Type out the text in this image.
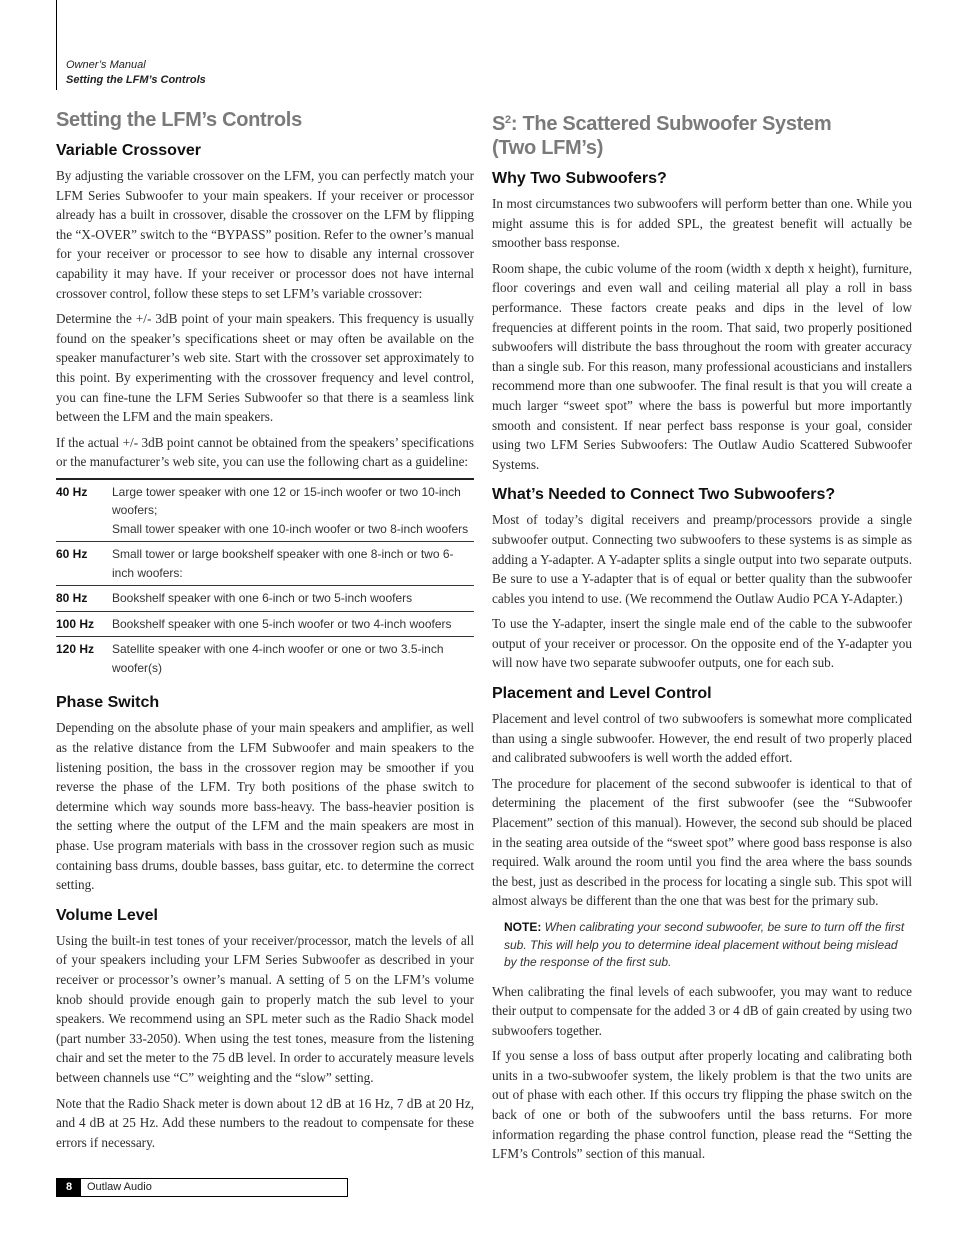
Owner’s Manual
Setting the LFM’s Controls
Setting the LFM’s Controls
Variable Crossover

By adjusting the variable crossover on the LFM, you can perfectly match your LFM Series Subwoofer to your main speakers. If your receiver or processor already has a built in crossover, disable the crossover on the LFM by flipping the “X-OVER” switch to the “BYPASS” position. Refer to the owner’s manual for your receiver or processor to see how to disable any internal crossover capability it may have. If your receiver or processor does not have internal crossover control, follow these steps to set LFM’s variable crossover:

Determine the +/- 3dB point of your main speakers. This frequency is usually found on the speaker’s specifications sheet or may often be available on the speaker manufacturer’s web site. Start with the crossover set approximately to this point. By experimenting with the crossover frequency and level control, you can fine-tune the LFM Series Subwoofer so that there is a seamless link between the LFM and the main speakers.

If the actual +/- 3dB point cannot be obtained from the speakers’ specifications or the manufacturer’s web site, you can use the following chart as a guideline:

40 Hz	Large tower speaker with one 12 or 15-inch woofer or two 10-inch woofers;
Small tower speaker with one 10-inch woofer or two 8-inch woofers

60 Hz	Small tower or large bookshelf speaker with one 8-inch or two 6-inch woofers:
80 Hz	Bookshelf speaker with one 6-inch or two 5-inch woofers
100 Hz	Bookshelf speaker with one 5-inch woofer or two 4-inch woofers
120 Hz	Satellite speaker with one 4-inch woofer or one or two 3.5-inch woofer(s)
Phase Switch

Depending on the absolute phase of your main speakers and amplifier, as well as the relative distance from the LFM Subwoofer and main speakers to the listening position, the bass in the crossover region may be smoother if you reverse the phase of the LFM. Try both positions of the phase switch to determine which way sounds more bass-heavy. The bass-heavier position is the setting where the output of the LFM and the main speakers are most in phase. Use program materials with bass in the crossover region such as music containing bass drums, double basses, bass guitar, etc. to determine the correct setting.

Volume Level

Using the built-in test tones of your receiver/processor, match the levels of all of your speakers including your LFM Series Subwoofer as described in your receiver or processor’s owner’s manual. A setting of 5 on the LFM’s volume knob should provide enough gain to properly match the sub level to your speakers. We recommend using an SPL meter such as the Radio Shack model (part number 33-2050). When using the test tones, measure from the listening chair and set the meter to the 75 dB level. In order to accurately measure levels between channels use “C” weighting and the “slow” setting.

Note that the Radio Shack meter is down about 12 dB at 16 Hz, 7 dB at 20 Hz, and 4 dB at 25 Hz. Add these numbers to the readout to compensate for these errors if necessary.

$S^2$: The Scattered Subwoofer System
(Two LFM’s)
Why Two Subwoofers?

In most circumstances two subwoofers will perform better than one. While you might assume this is for added SPL, the greatest benefit will actually be smoother bass response.

Room shape, the cubic volume of the room (width x depth x height), furniture, floor coverings and even wall and ceiling material all play a roll in bass performance. These factors create peaks and dips in the level of low frequencies at different points in the room. That said, two properly positioned subwoofers will distribute the bass throughout the room with greater accuracy than a single sub. For this reason, many professional acousticians and installers recommend more than one subwoofer. The final result is that you will create a much larger “sweet spot” where the bass is powerful but more importantly smooth and consistent. If near perfect bass response is your goal, consider using two LFM Series Subwoofers: The Outlaw Audio Scattered Subwoofer Systems.

What’s Needed to Connect Two Subwoofers?

Most of today’s digital receivers and preamp/processors provide a single subwoofer output. Connecting two subwoofers to these systems is as simple as adding a Y-adapter. A Y-adapter splits a single output into two separate outputs. Be sure to use a Y-adapter that is of equal or better quality than the subwoofer cables you intend to use. (We recommend the Outlaw Audio PCA Y-Adapter.)

To use the Y-adapter, insert the single male end of the cable to the subwoofer output of your receiver or processor. On the opposite end of the Y-adapter you will now have two separate subwoofer outputs, one for each sub.

Placement and Level Control

Placement and level control of two subwoofers is somewhat more complicated than using a single subwoofer. However, the end result of two properly placed and calibrated subwoofers is well worth the added effort.

The procedure for placement of the second subwoofer is identical to that of determining the placement of the first subwoofer (see the “Subwoofer Placement” section of this manual). However, the second sub should be placed in the seating area outside of the “sweet spot” where good bass response is also required. Walk around the room until you find the area where the bass sounds the best, just as described in the process for locating a single sub. This spot will almost always be different than the one that was best for the primary sub.

NOTE: When calibrating your second subwoofer, be sure to turn off the first sub. This will help you to determine ideal placement without being mislead by the response of the first sub.

When calibrating the final levels of each subwoofer, you may want to reduce their output to compensate for the added 3 or 4 dB of gain created by using two subwoofers together.

If you sense a loss of bass output after properly locating and calibrating both units in a two-subwoofer system, the likely problem is that the two units are out of phase with each other. If this occurs try flipping the phase switch on the back of one or both of the subwoofers until the bass returns. For more information regarding the phase control function, please read the “Setting the LFM’s Controls” section of this manual.

8	Outlaw Audio
